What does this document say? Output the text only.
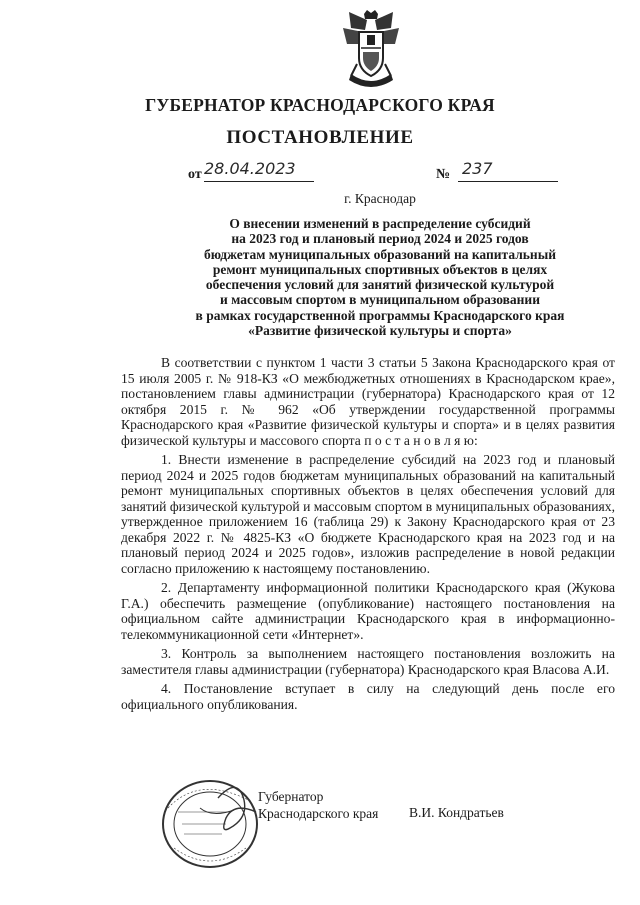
ГУБЕРНАТОР КРАСНОДАРСКОГО КРАЯ
ПОСТАНОВЛЕНИЕ
от 28.04.2023	№ 237
г. Краснодар
О внесении изменений в распределение субсидий
на 2023 год и плановый период 2024 и 2025 годов
бюджетам муниципальных образований на капитальный
ремонт муниципальных спортивных объектов в целях
обеспечения условий для занятий физической культурой
и массовым спортом в муниципальном образовании
в рамках государственной программы Краснодарского края
«Развитие физической культуры и спорта»

В соответствии с пунктом 1 части 3 статьи 5 Закона Краснодарского края от 15 июля 2005 г. № 918-КЗ «О межбюджетных отношениях в Краснодарском крае», постановлением главы администрации (губернатора) Краснодарского края от 12 октября 2015 г. № 962 «Об утверждении государственной программы Краснодарского края «Развитие физической культуры и спорта» и в целях развития физической культуры и массового спорта п о с т а н о в л я ю:

1. Внести изменение в распределение субсидий на 2023 год и плановый период 2024 и 2025 годов бюджетам муниципальных образований на капитальный ремонт муниципальных спортивных объектов в целях обеспечения условий для занятий физической культурой и массовым спортом в муниципальных образованиях, утвержденное приложением 16 (таблица 29) к Закону Краснодарского края от 23 декабря 2022 г. № 4825-КЗ «О бюджете Краснодарского края на 2023 год и на плановый период 2024 и 2025 годов», изложив распределение в новой редакции согласно приложению к настоящему постановлению.

2. Департаменту информационной политики Краснодарского края (Жукова Г.А.) обеспечить размещение (опубликование) настоящего постановления на официальном сайте администрации Краснодарского края в информационно-телекоммуникационной сети «Интернет».

3. Контроль за выполнением настоящего постановления возложить на заместителя главы администрации (губернатора) Краснодарского края Власова А.И.

4. Постановление вступает в силу на следующий день после его официального опубликования.

Губернатор
Краснодарского края В.И. Кондратьев
